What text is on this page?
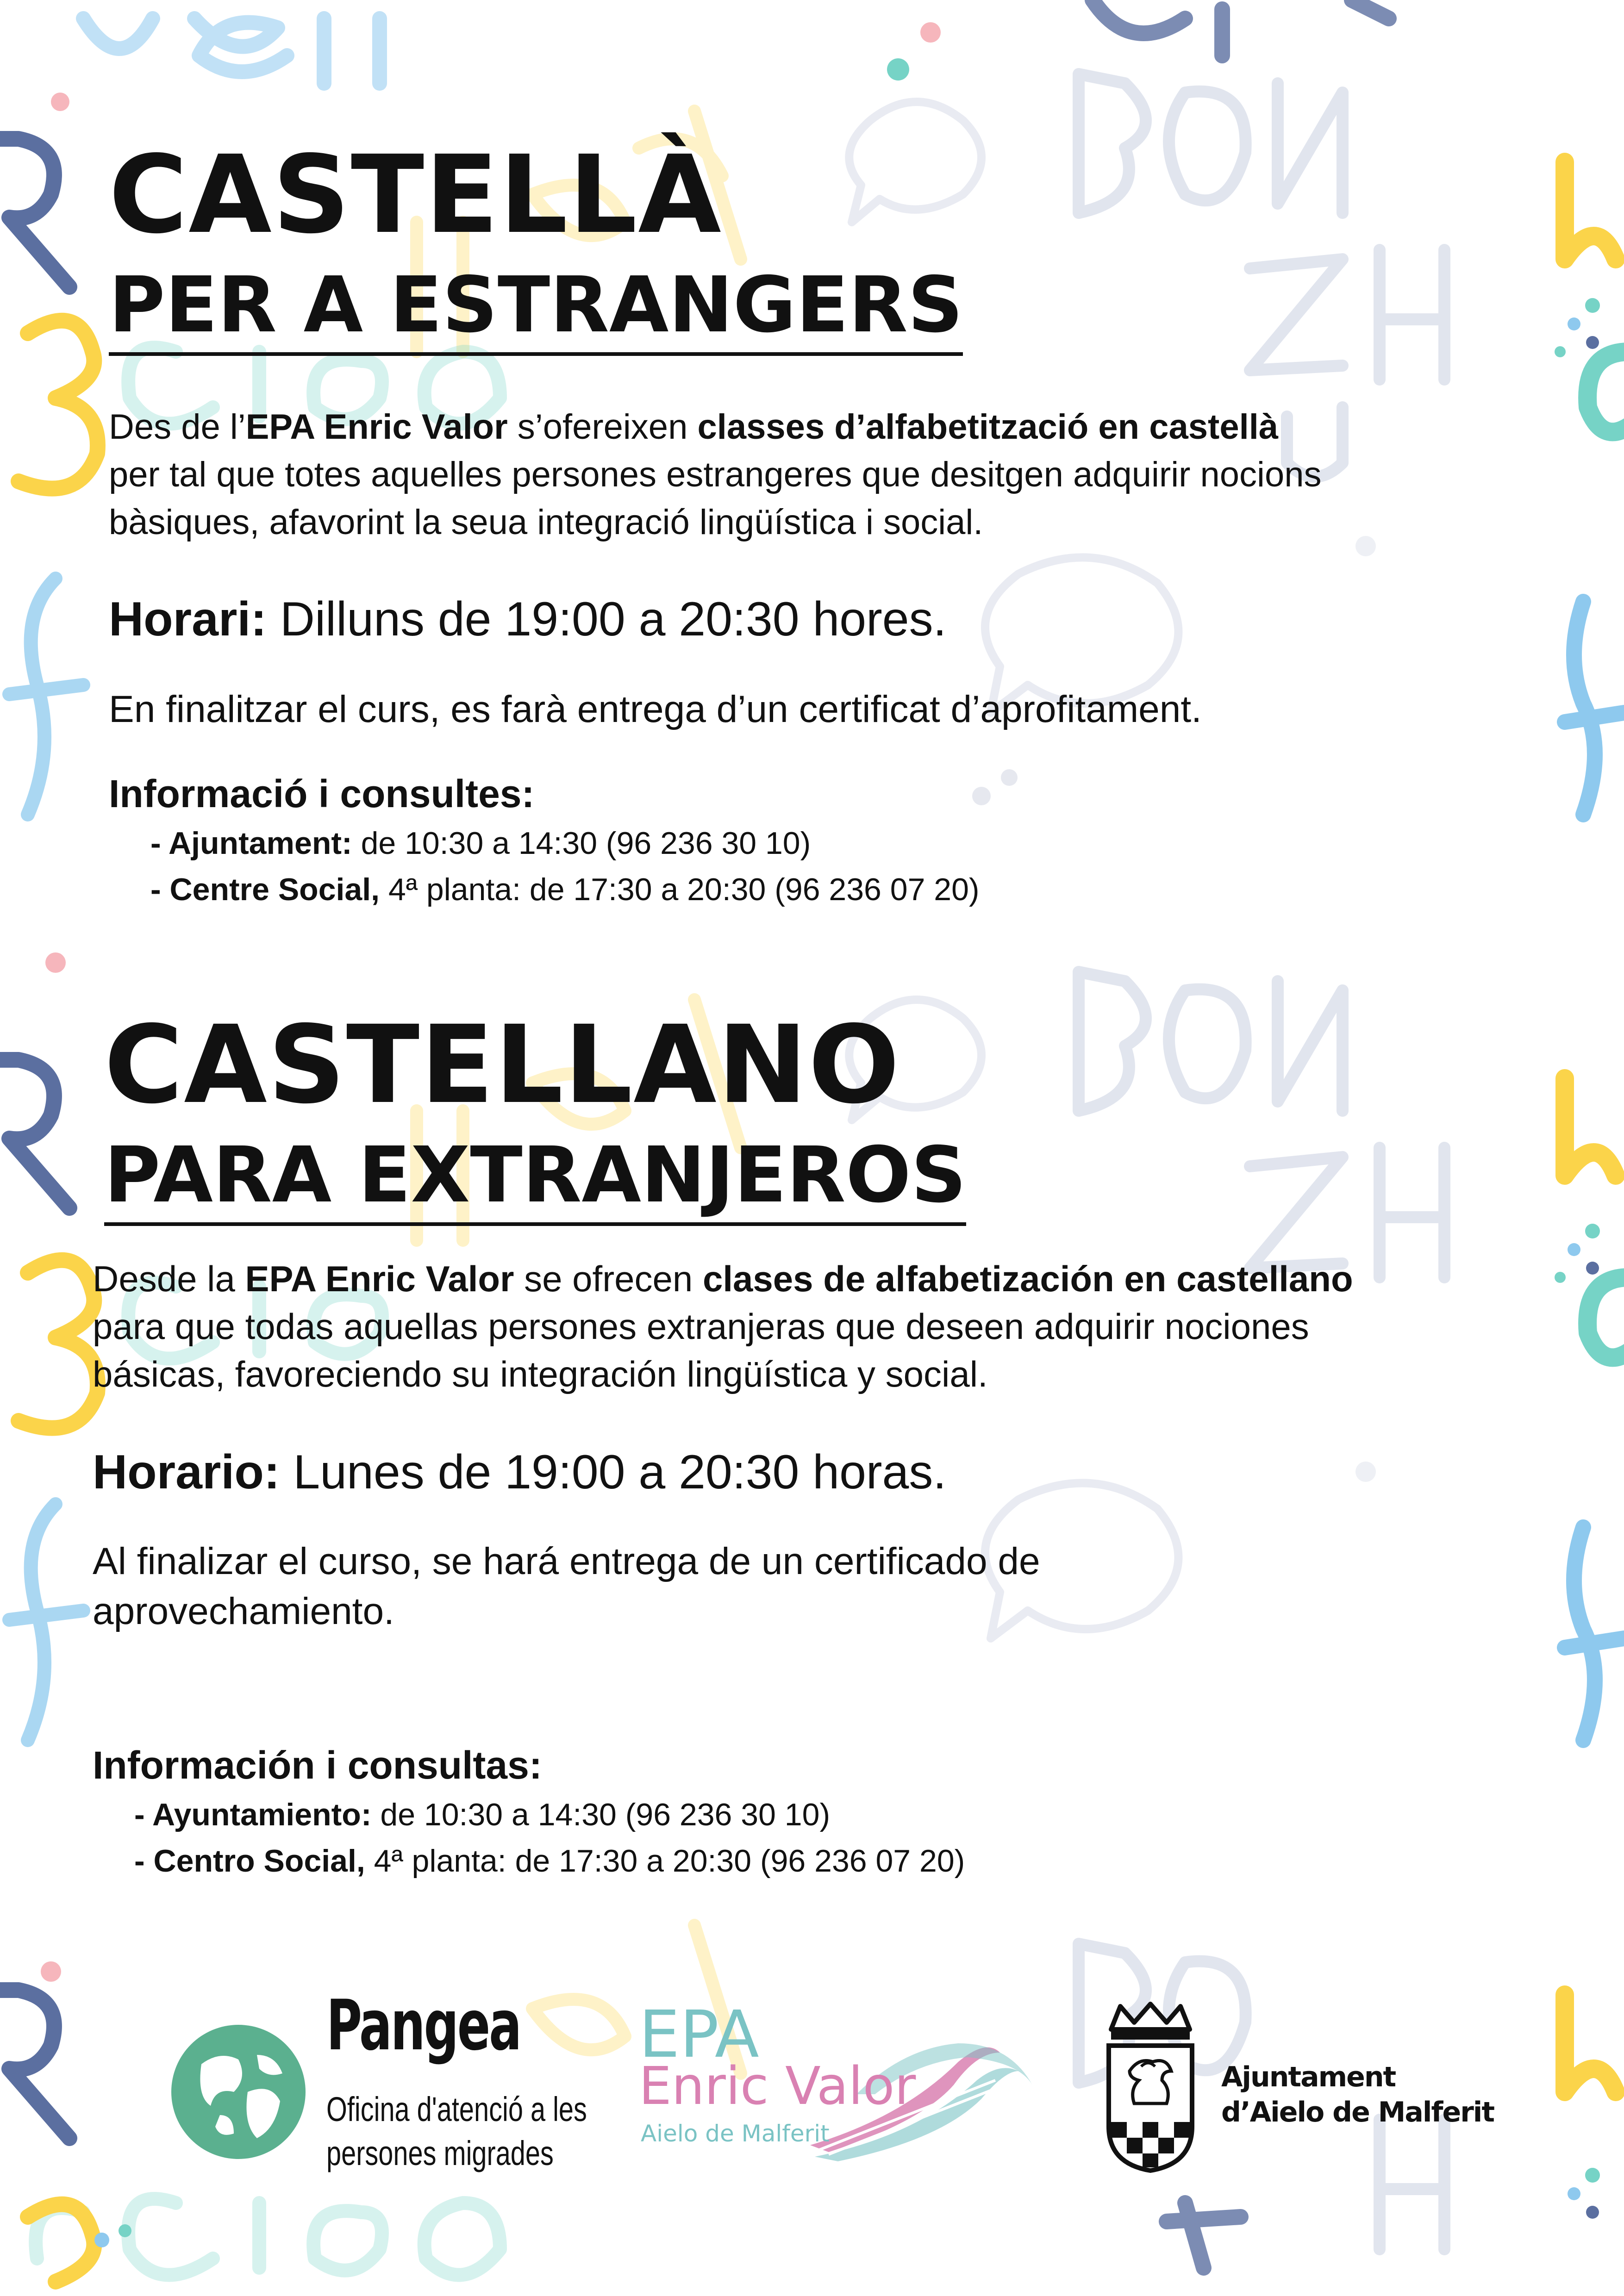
CASTELLÀ
PER A ESTRANGERS

Des de l’EPA Enric Valor s’ofereixen classes d’alfabetització en castellà

per tal que totes aquelles persones estrangeres que desitgen adquirir nocions

bàsiques, afavorint la seua integració lingüística i social.

Horari: Dilluns de 19:00 a 20:30 hores.

En finalitzar el curs, es farà entrega d’un certificat d’aprofitament.

Informació i consultes:

- Ajuntament: de 10:30 a 14:30 (96 236 30 10)

- Centre Social, 4ª planta: de 17:30 a 20:30 (96 236 07 20)

CASTELLANO
PARA EXTRANJEROS

Desde la EPA Enric Valor se ofrecen clases de alfabetización en castellano

para que todas aquellas persones extranjeras que deseen adquirir nociones

básicas, favoreciendo su integración lingüística y social.

Horario: Lunes de 19:00 a 20:30 horas.

Al finalizar el curso, se hará entrega de un certificado de

aprovechamiento.

Información i consultas:

- Ayuntamiento: de 10:30 a 14:30 (96 236 30 10)

- Centro Social, 4ª planta: de 17:30 a 20:30 (96 236 07 20)

Pangea
Oficina d'atenció a les
persones migrades
EPA
Enric Valor
Aielo de Malferit
Ajuntament
d’Aielo de Malferit
